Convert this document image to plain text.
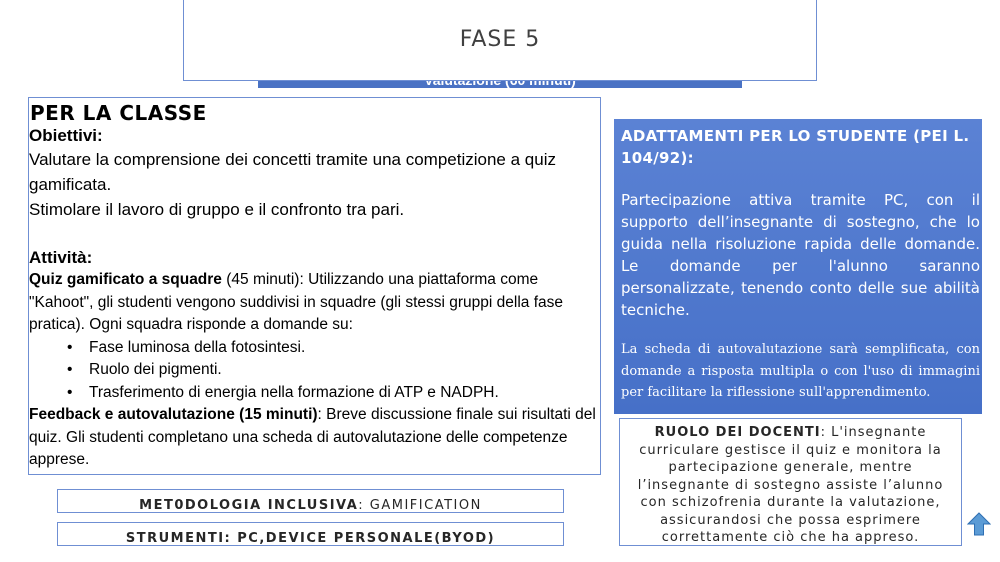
FASE 5
PER LA CLASSE
Obiettivi:
Valutare la comprensione dei concetti tramite una competizione a quiz gamificata.
Stimolare il lavoro di gruppo e il confronto tra pari.
Attività:
Quiz gamificato a squadre (45 minuti): Utilizzando una piattaforma come "Kahoot", gli studenti vengono suddivisi in squadre (gli stessi gruppi della fase pratica). Ogni squadra risponde a domande su:
• Fase luminosa della fotosintesi.
• Ruolo dei pigmenti.
• Trasferimento di energia nella formazione di ATP e NADPH.
Feedback e autovalutazione (15 minuti): Breve discussione finale sui risultati del quiz. Gli studenti completano una scheda di autovalutazione delle competenze apprese.
ADATTAMENTI PER LO STUDENTE (PEI L. 104/92):
Partecipazione attiva tramite PC, con il supporto dell’insegnante di sostegno, che lo guida nella risoluzione rapida delle domande. Le domande per l'alunno saranno personalizzate, tenendo conto delle sue abilità tecniche.
La scheda di autovalutazione sarà semplificata, con domande a risposta multipla o con l'uso di immagini per facilitare la riflessione sull'apprendimento.
RUOLO DEI DOCENTI: L'insegnante curriculare gestisce il quiz e monitora la partecipazione generale, mentre l’insegnante di sostegno assiste l’alunno con schizofrenia durante la valutazione, assicurandosi che possa esprimere correttamente ciò che ha appreso.
MET0DOLOGIA INCLUSIVA: GAMIFICATION
STRUMENTI: PC,DEVICE PERSONALE(BYOD)
